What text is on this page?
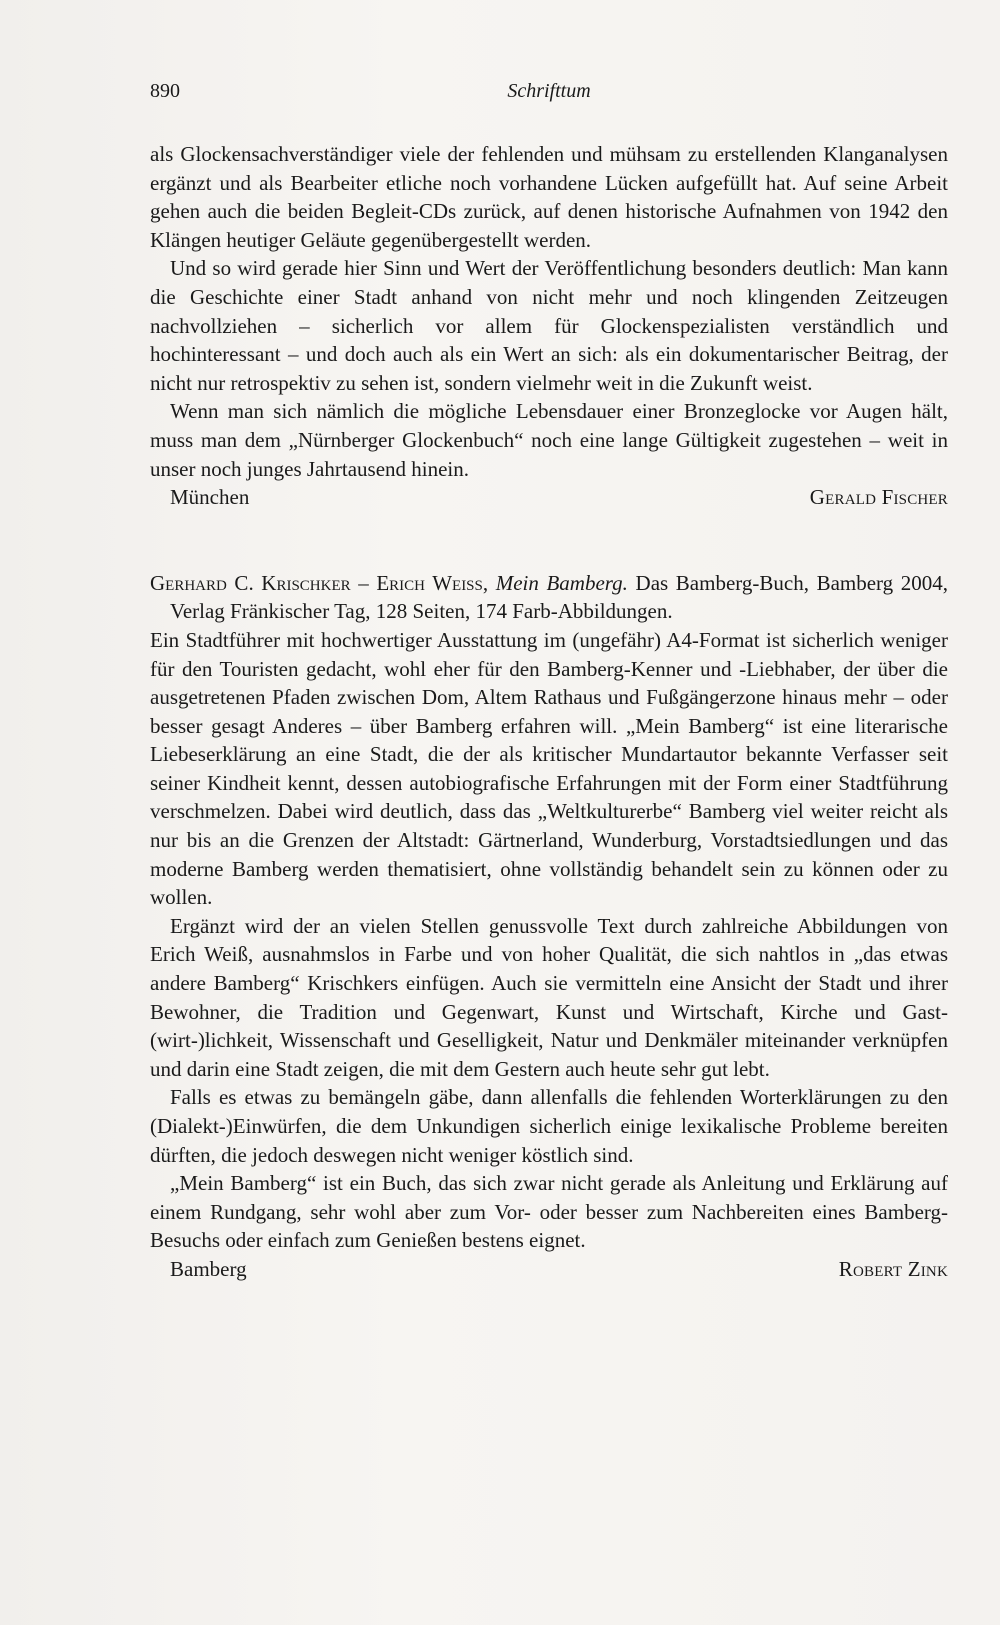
890	Schrifttum

als Glockensachverständiger viele der fehlenden und mühsam zu erstellenden Klanganalysen ergänzt und als Bearbeiter etliche noch vorhandene Lücken aufgefüllt hat. Auf seine Arbeit gehen auch die beiden Begleit-CDs zurück, auf denen historische Aufnahmen von 1942 den Klängen heutiger Geläute gegenübergestellt werden.

Und so wird gerade hier Sinn und Wert der Veröffentlichung besonders deutlich: Man kann die Geschichte einer Stadt anhand von nicht mehr und noch klingenden Zeitzeugen nachvollziehen – sicherlich vor allem für Glockenspezialisten verständlich und hochinteressant – und doch auch als ein Wert an sich: als ein dokumentarischer Beitrag, der nicht nur retrospektiv zu sehen ist, sondern vielmehr weit in die Zukunft weist.

Wenn man sich nämlich die mögliche Lebensdauer einer Bronzeglocke vor Augen hält, muss man dem „Nürnberger Glockenbuch“ noch eine lange Gültigkeit zugestehen – weit in unser noch junges Jahrtausend hinein.

München	Gerald Fischer

Gerhard C. Krischker – Erich Weiss, Mein Bamberg. Das Bamberg-Buch, Bamberg 2004, Verlag Fränkischer Tag, 128 Seiten, 174 Farb-Abbildungen.

Ein Stadtführer mit hochwertiger Ausstattung im (ungefähr) A4-Format ist sicherlich weniger für den Touristen gedacht, wohl eher für den Bamberg-Kenner und -Liebhaber, der über die ausgetretenen Pfaden zwischen Dom, Altem Rathaus und Fußgängerzone hinaus mehr – oder besser gesagt Anderes – über Bamberg erfahren will. „Mein Bamberg“ ist eine literarische Liebeserklärung an eine Stadt, die der als kritischer Mundartautor bekannte Verfasser seit seiner Kindheit kennt, dessen autobiografische Erfahrungen mit der Form einer Stadtführung verschmelzen. Dabei wird deutlich, dass das „Weltkulturerbe“ Bamberg viel weiter reicht als nur bis an die Grenzen der Altstadt: Gärtnerland, Wunderburg, Vorstadtsiedlungen und das moderne Bamberg werden thematisiert, ohne vollständig behandelt sein zu können oder zu wollen.

Ergänzt wird der an vielen Stellen genussvolle Text durch zahlreiche Abbildungen von Erich Weiß, ausnahmslos in Farbe und von hoher Qualität, die sich nahtlos in „das etwas andere Bamberg“ Krischkers einfügen. Auch sie vermitteln eine Ansicht der Stadt und ihrer Bewohner, die Tradition und Gegenwart, Kunst und Wirtschaft, Kirche und Gast-(wirt-)lichkeit, Wissenschaft und Geselligkeit, Natur und Denkmäler miteinander verknüpfen und darin eine Stadt zeigen, die mit dem Gestern auch heute sehr gut lebt.

Falls es etwas zu bemängeln gäbe, dann allenfalls die fehlenden Worterklärungen zu den (Dialekt-)Einwürfen, die dem Unkundigen sicherlich einige lexikalische Probleme bereiten dürften, die jedoch deswegen nicht weniger köstlich sind.

„Mein Bamberg“ ist ein Buch, das sich zwar nicht gerade als Anleitung und Erklärung auf einem Rundgang, sehr wohl aber zum Vor- oder besser zum Nachbereiten eines Bamberg-Besuchs oder einfach zum Genießen bestens eignet.

Bamberg	Robert Zink
